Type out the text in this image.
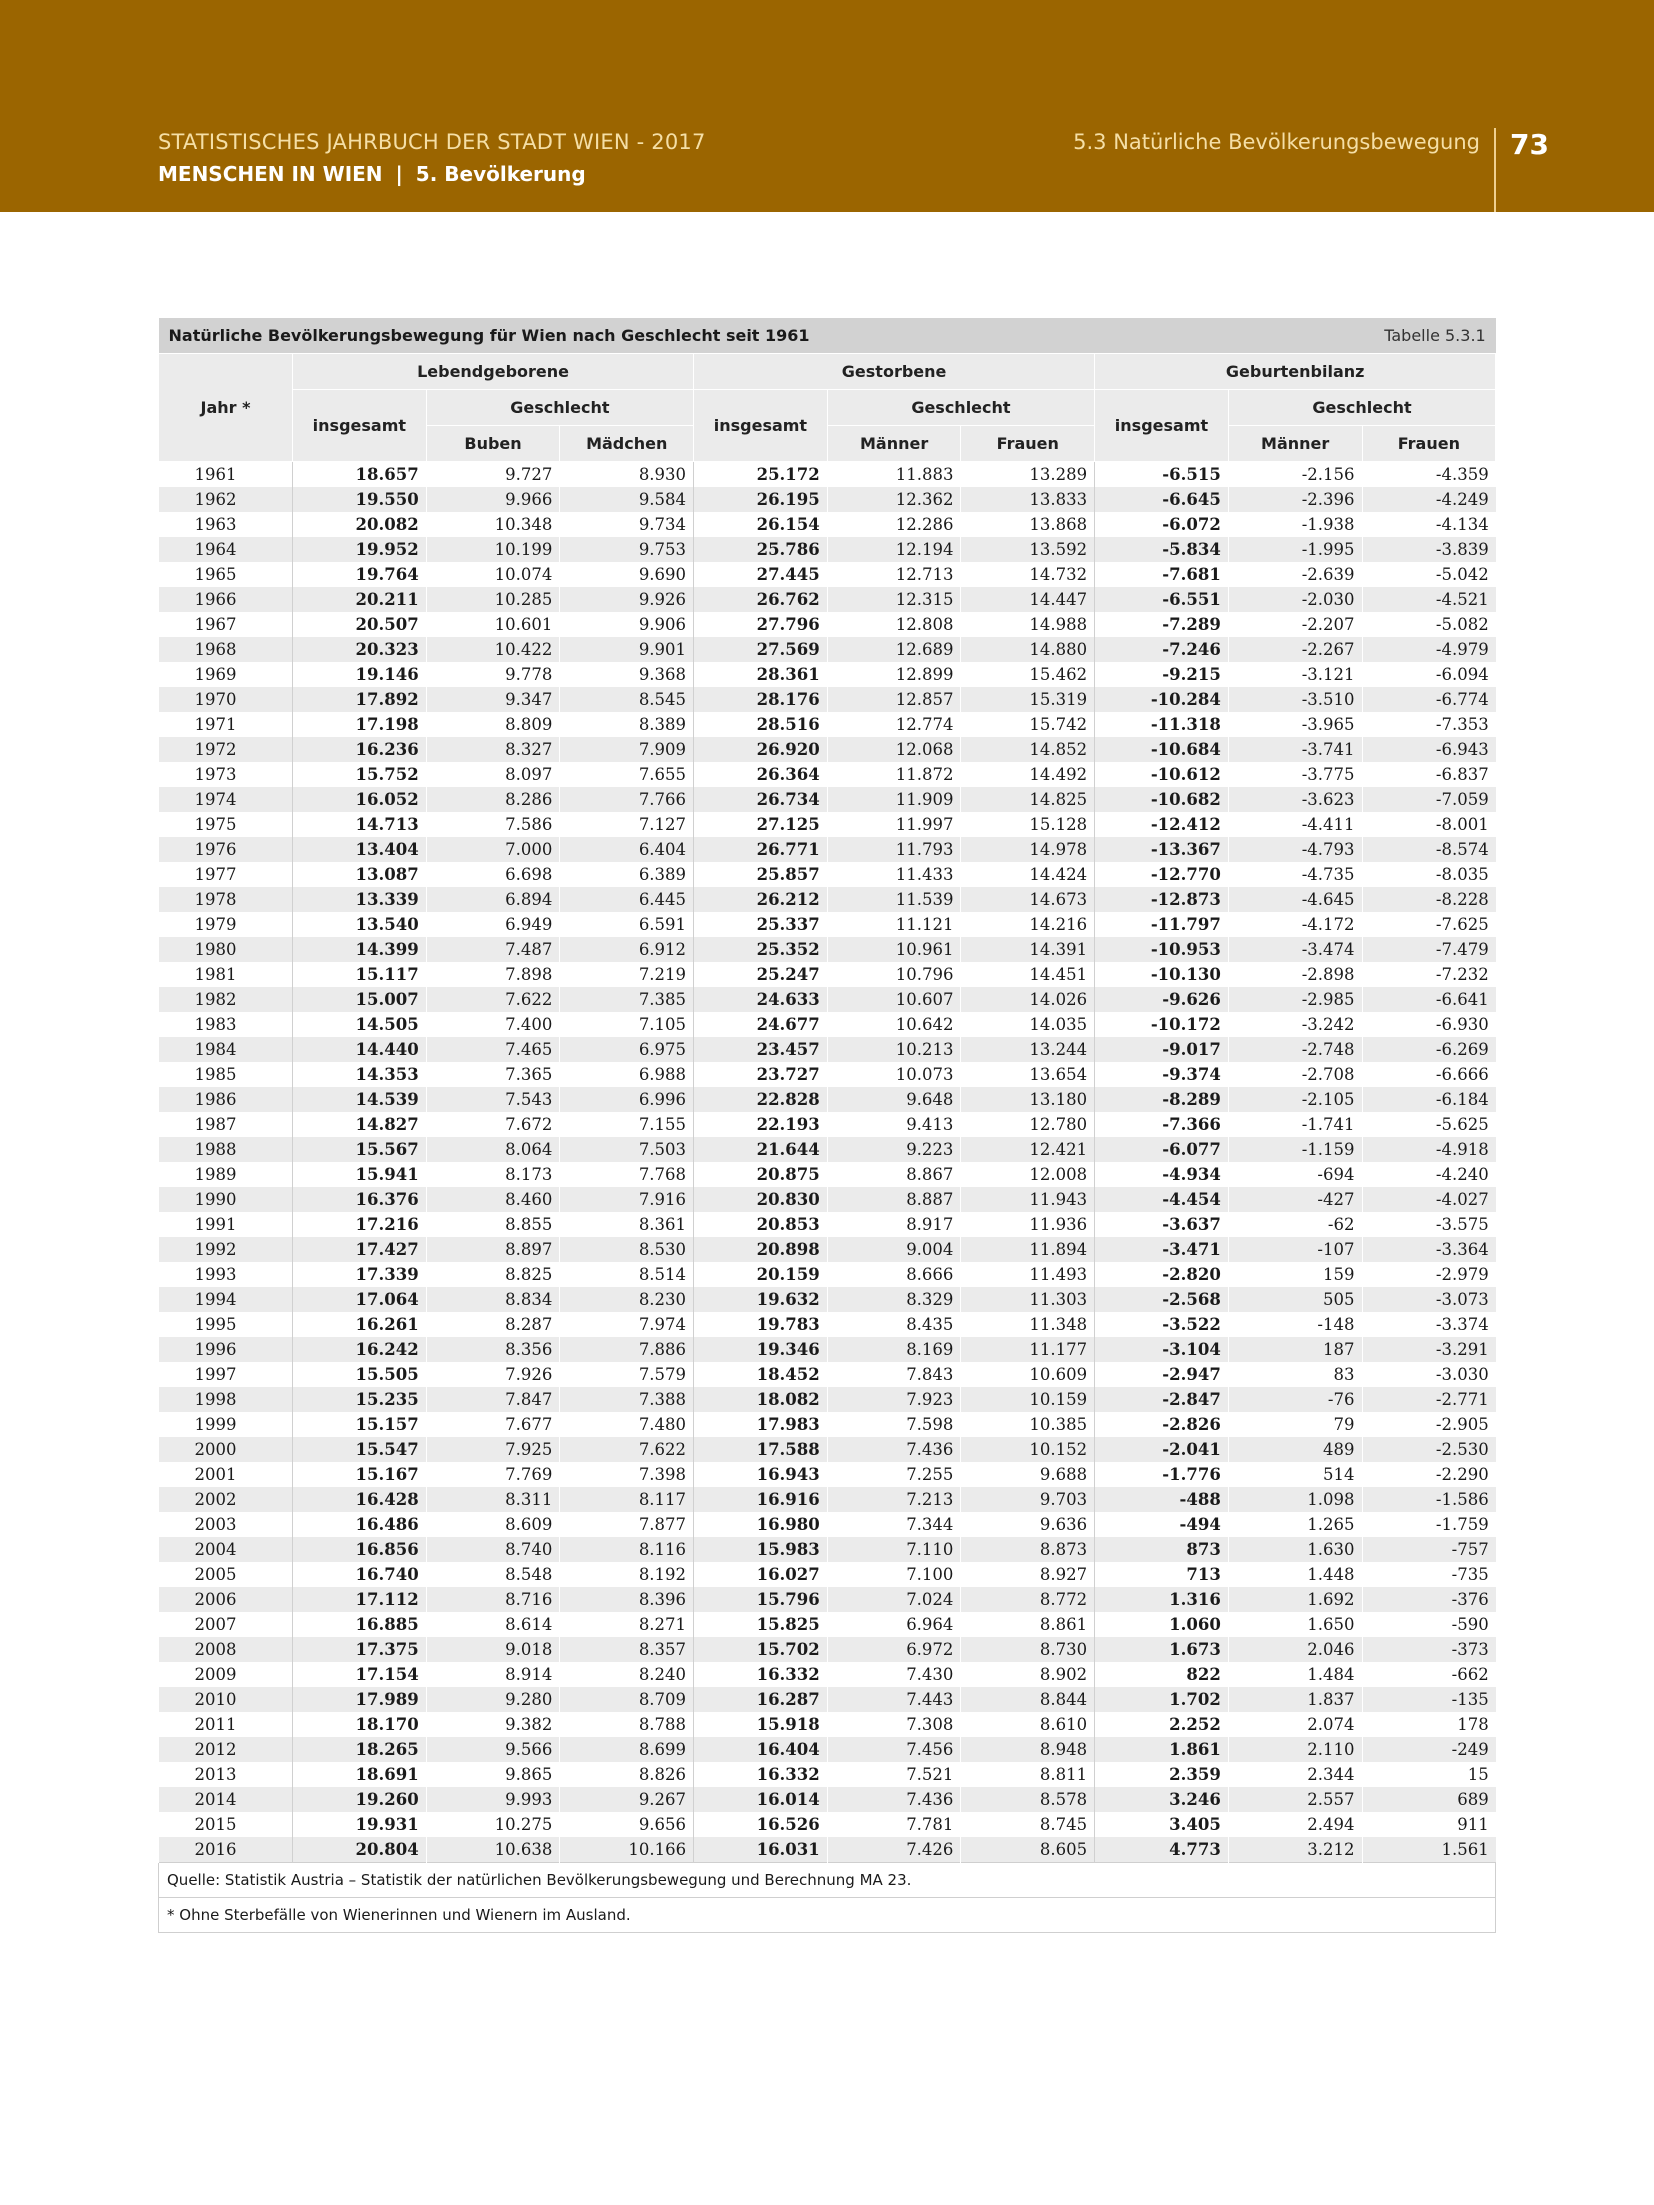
STATISTISCHES JAHRBUCH DER STADT WIEN - 2017
MENSCHEN IN WIEN | 5. Bevölkerung
5.3 Natürliche Bevölkerungsbewegung 73
Natürliche Bevölkerungsbewegung für Wien nach Geschlecht seit 1961 Tabelle 5.3.1									

Jahr *	Lebendgeborene			Gestorbene			Geburtenbilanz		
	insgesamt	Geschlecht		insgesamt	Geschlecht		insgesamt	Geschlecht	
		Buben	Mädchen		Männer	Frauen		Männer	Frauen
1961	18.657	9.727	8.930	25.172	11.883	13.289	-6.515	-2.156	-4.359
1962	19.550	9.966	9.584	26.195	12.362	13.833	-6.645	-2.396	-4.249
1963	20.082	10.348	9.734	26.154	12.286	13.868	-6.072	-1.938	-4.134
1964	19.952	10.199	9.753	25.786	12.194	13.592	-5.834	-1.995	-3.839
1965	19.764	10.074	9.690	27.445	12.713	14.732	-7.681	-2.639	-5.042
1966	20.211	10.285	9.926	26.762	12.315	14.447	-6.551	-2.030	-4.521
1967	20.507	10.601	9.906	27.796	12.808	14.988	-7.289	-2.207	-5.082
1968	20.323	10.422	9.901	27.569	12.689	14.880	-7.246	-2.267	-4.979
1969	19.146	9.778	9.368	28.361	12.899	15.462	-9.215	-3.121	-6.094
1970	17.892	9.347	8.545	28.176	12.857	15.319	-10.284	-3.510	-6.774
1971	17.198	8.809	8.389	28.516	12.774	15.742	-11.318	-3.965	-7.353
1972	16.236	8.327	7.909	26.920	12.068	14.852	-10.684	-3.741	-6.943
1973	15.752	8.097	7.655	26.364	11.872	14.492	-10.612	-3.775	-6.837
1974	16.052	8.286	7.766	26.734	11.909	14.825	-10.682	-3.623	-7.059
1975	14.713	7.586	7.127	27.125	11.997	15.128	-12.412	-4.411	-8.001
1976	13.404	7.000	6.404	26.771	11.793	14.978	-13.367	-4.793	-8.574
1977	13.087	6.698	6.389	25.857	11.433	14.424	-12.770	-4.735	-8.035
1978	13.339	6.894	6.445	26.212	11.539	14.673	-12.873	-4.645	-8.228
1979	13.540	6.949	6.591	25.337	11.121	14.216	-11.797	-4.172	-7.625
1980	14.399	7.487	6.912	25.352	10.961	14.391	-10.953	-3.474	-7.479
1981	15.117	7.898	7.219	25.247	10.796	14.451	-10.130	-2.898	-7.232
1982	15.007	7.622	7.385	24.633	10.607	14.026	-9.626	-2.985	-6.641
1983	14.505	7.400	7.105	24.677	10.642	14.035	-10.172	-3.242	-6.930
1984	14.440	7.465	6.975	23.457	10.213	13.244	-9.017	-2.748	-6.269
1985	14.353	7.365	6.988	23.727	10.073	13.654	-9.374	-2.708	-6.666
1986	14.539	7.543	6.996	22.828	9.648	13.180	-8.289	-2.105	-6.184
1987	14.827	7.672	7.155	22.193	9.413	12.780	-7.366	-1.741	-5.625
1988	15.567	8.064	7.503	21.644	9.223	12.421	-6.077	-1.159	-4.918
1989	15.941	8.173	7.768	20.875	8.867	12.008	-4.934	-694	-4.240
1990	16.376	8.460	7.916	20.830	8.887	11.943	-4.454	-427	-4.027
1991	17.216	8.855	8.361	20.853	8.917	11.936	-3.637	-62	-3.575
1992	17.427	8.897	8.530	20.898	9.004	11.894	-3.471	-107	-3.364
1993	17.339	8.825	8.514	20.159	8.666	11.493	-2.820	159	-2.979
1994	17.064	8.834	8.230	19.632	8.329	11.303	-2.568	505	-3.073
1995	16.261	8.287	7.974	19.783	8.435	11.348	-3.522	-148	-3.374
1996	16.242	8.356	7.886	19.346	8.169	11.177	-3.104	187	-3.291
1997	15.505	7.926	7.579	18.452	7.843	10.609	-2.947	83	-3.030
1998	15.235	7.847	7.388	18.082	7.923	10.159	-2.847	-76	-2.771
1999	15.157	7.677	7.480	17.983	7.598	10.385	-2.826	79	-2.905
2000	15.547	7.925	7.622	17.588	7.436	10.152	-2.041	489	-2.530
2001	15.167	7.769	7.398	16.943	7.255	9.688	-1.776	514	-2.290
2002	16.428	8.311	8.117	16.916	7.213	9.703	-488	1.098	-1.586
2003	16.486	8.609	7.877	16.980	7.344	9.636	-494	1.265	-1.759
2004	16.856	8.740	8.116	15.983	7.110	8.873	873	1.630	-757
2005	16.740	8.548	8.192	16.027	7.100	8.927	713	1.448	-735
2006	17.112	8.716	8.396	15.796	7.024	8.772	1.316	1.692	-376
2007	16.885	8.614	8.271	15.825	6.964	8.861	1.060	1.650	-590
2008	17.375	9.018	8.357	15.702	6.972	8.730	1.673	2.046	-373
2009	17.154	8.914	8.240	16.332	7.430	8.902	822	1.484	-662
2010	17.989	9.280	8.709	16.287	7.443	8.844	1.702	1.837	-135
2011	18.170	9.382	8.788	15.918	7.308	8.610	2.252	2.074	178
2012	18.265	9.566	8.699	16.404	7.456	8.948	1.861	2.110	-249
2013	18.691	9.865	8.826	16.332	7.521	8.811	2.359	2.344	15
2014	19.260	9.993	9.267	16.014	7.436	8.578	3.246	2.557	689
2015	19.931	10.275	9.656	16.526	7.781	8.745	3.405	2.494	911
2016	20.804	10.638	10.166	16.031	7.426	8.605	4.773	3.212	1.561
Quelle: Statistik Austria – Statistik der natürlichen Bevölkerungsbewegung und Berechnung MA 23.									
* Ohne Sterbefälle von Wienerinnen und Wienern im Ausland.									
